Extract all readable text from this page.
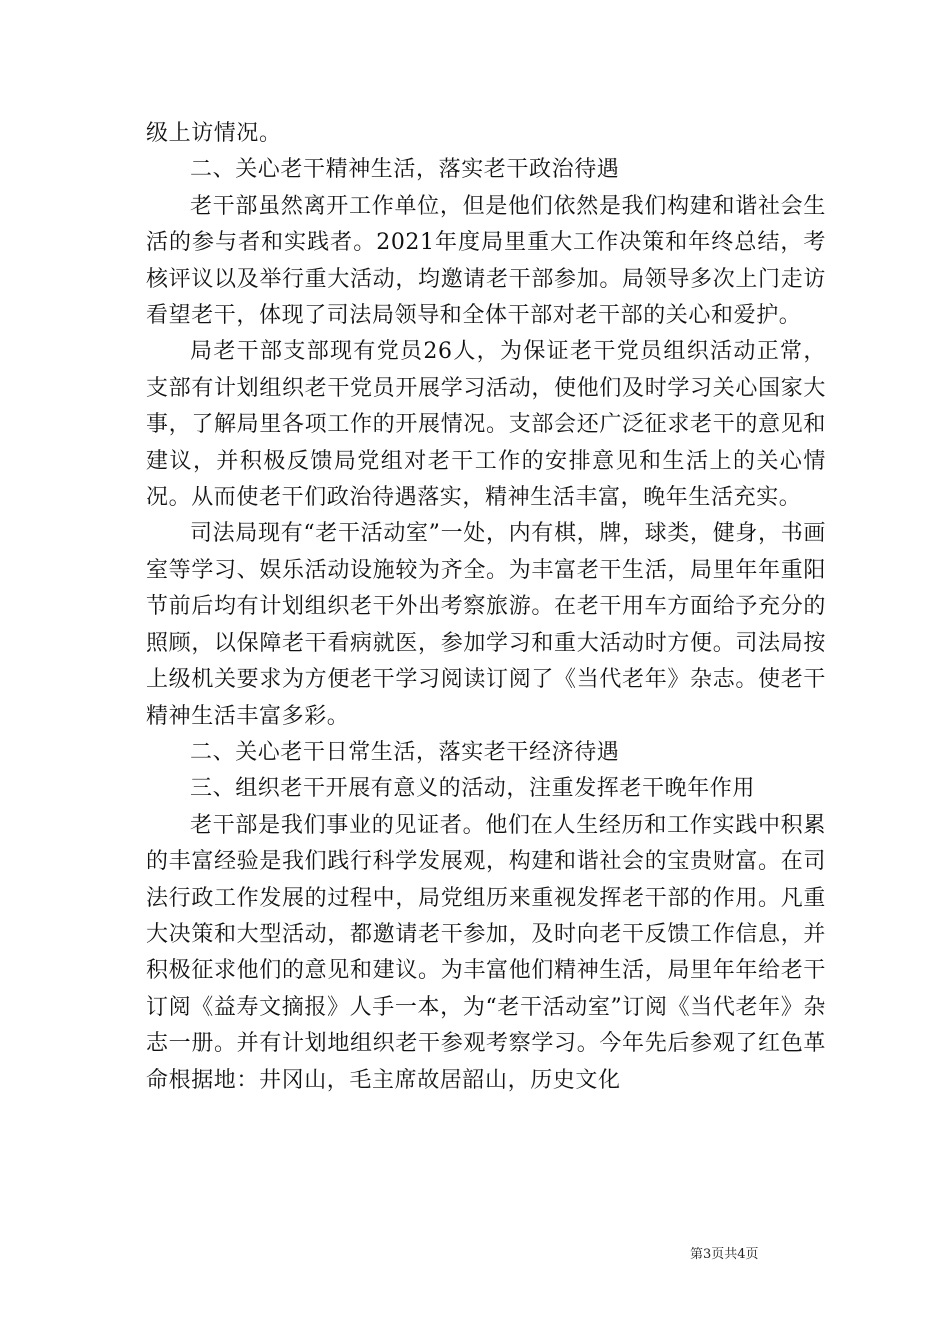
级上访情况。

二、关心老干精神生活，落实老干政治待遇

老干部虽然离开工作单位，但是他们依然是我们构建和谐社会生活的参与者和实践者。2021年度局里重大工作决策和年终总结，考核评议以及举行重大活动，均邀请老干部参加。局领导多次上门走访看望老干，体现了司法局领导和全体干部对老干部的关心和爱护。

局老干部支部现有党员26人，为保证老干党员组织活动正常，支部有计划组织老干党员开展学习活动，使他们及时学习关心国家大事，了解局里各项工作的开展情况。支部会还广泛征求老干的意见和建议，并积极反馈局党组对老干工作的安排意见和生活上的关心情况。从而使老干们政治待遇落实，精神生活丰富，晚年生活充实。

司法局现有“老干活动室”一处，内有棋，牌，球类，健身，书画室等学习、娱乐活动设施较为齐全。为丰富老干生活，局里年年重阳节前后均有计划组织老干外出考察旅游。在老干用车方面给予充分的照顾，以保障老干看病就医，参加学习和重大活动时方便。司法局按上级机关要求为方便老干学习阅读订阅了《当代老年》杂志。使老干精神生活丰富多彩。

二、关心老干日常生活，落实老干经济待遇

三、组织老干开展有意义的活动，注重发挥老干晚年作用

老干部是我们事业的见证者。他们在人生经历和工作实践中积累的丰富经验是我们践行科学发展观，构建和谐社会的宝贵财富。在司法行政工作发展的过程中，局党组历来重视发挥老干部的作用。凡重大决策和大型活动，都邀请老干参加，及时向老干反馈工作信息，并积极征求他们的意见和建议。为丰富他们精神生活，局里年年给老干订阅《益寿文摘报》人手一本，为“老干活动室”订阅《当代老年》杂志一册。并有计划地组织老干参观考察学习。今年先后参观了红色革命根据地：井冈山，毛主席故居韶山，历史文化

第3页共4页
